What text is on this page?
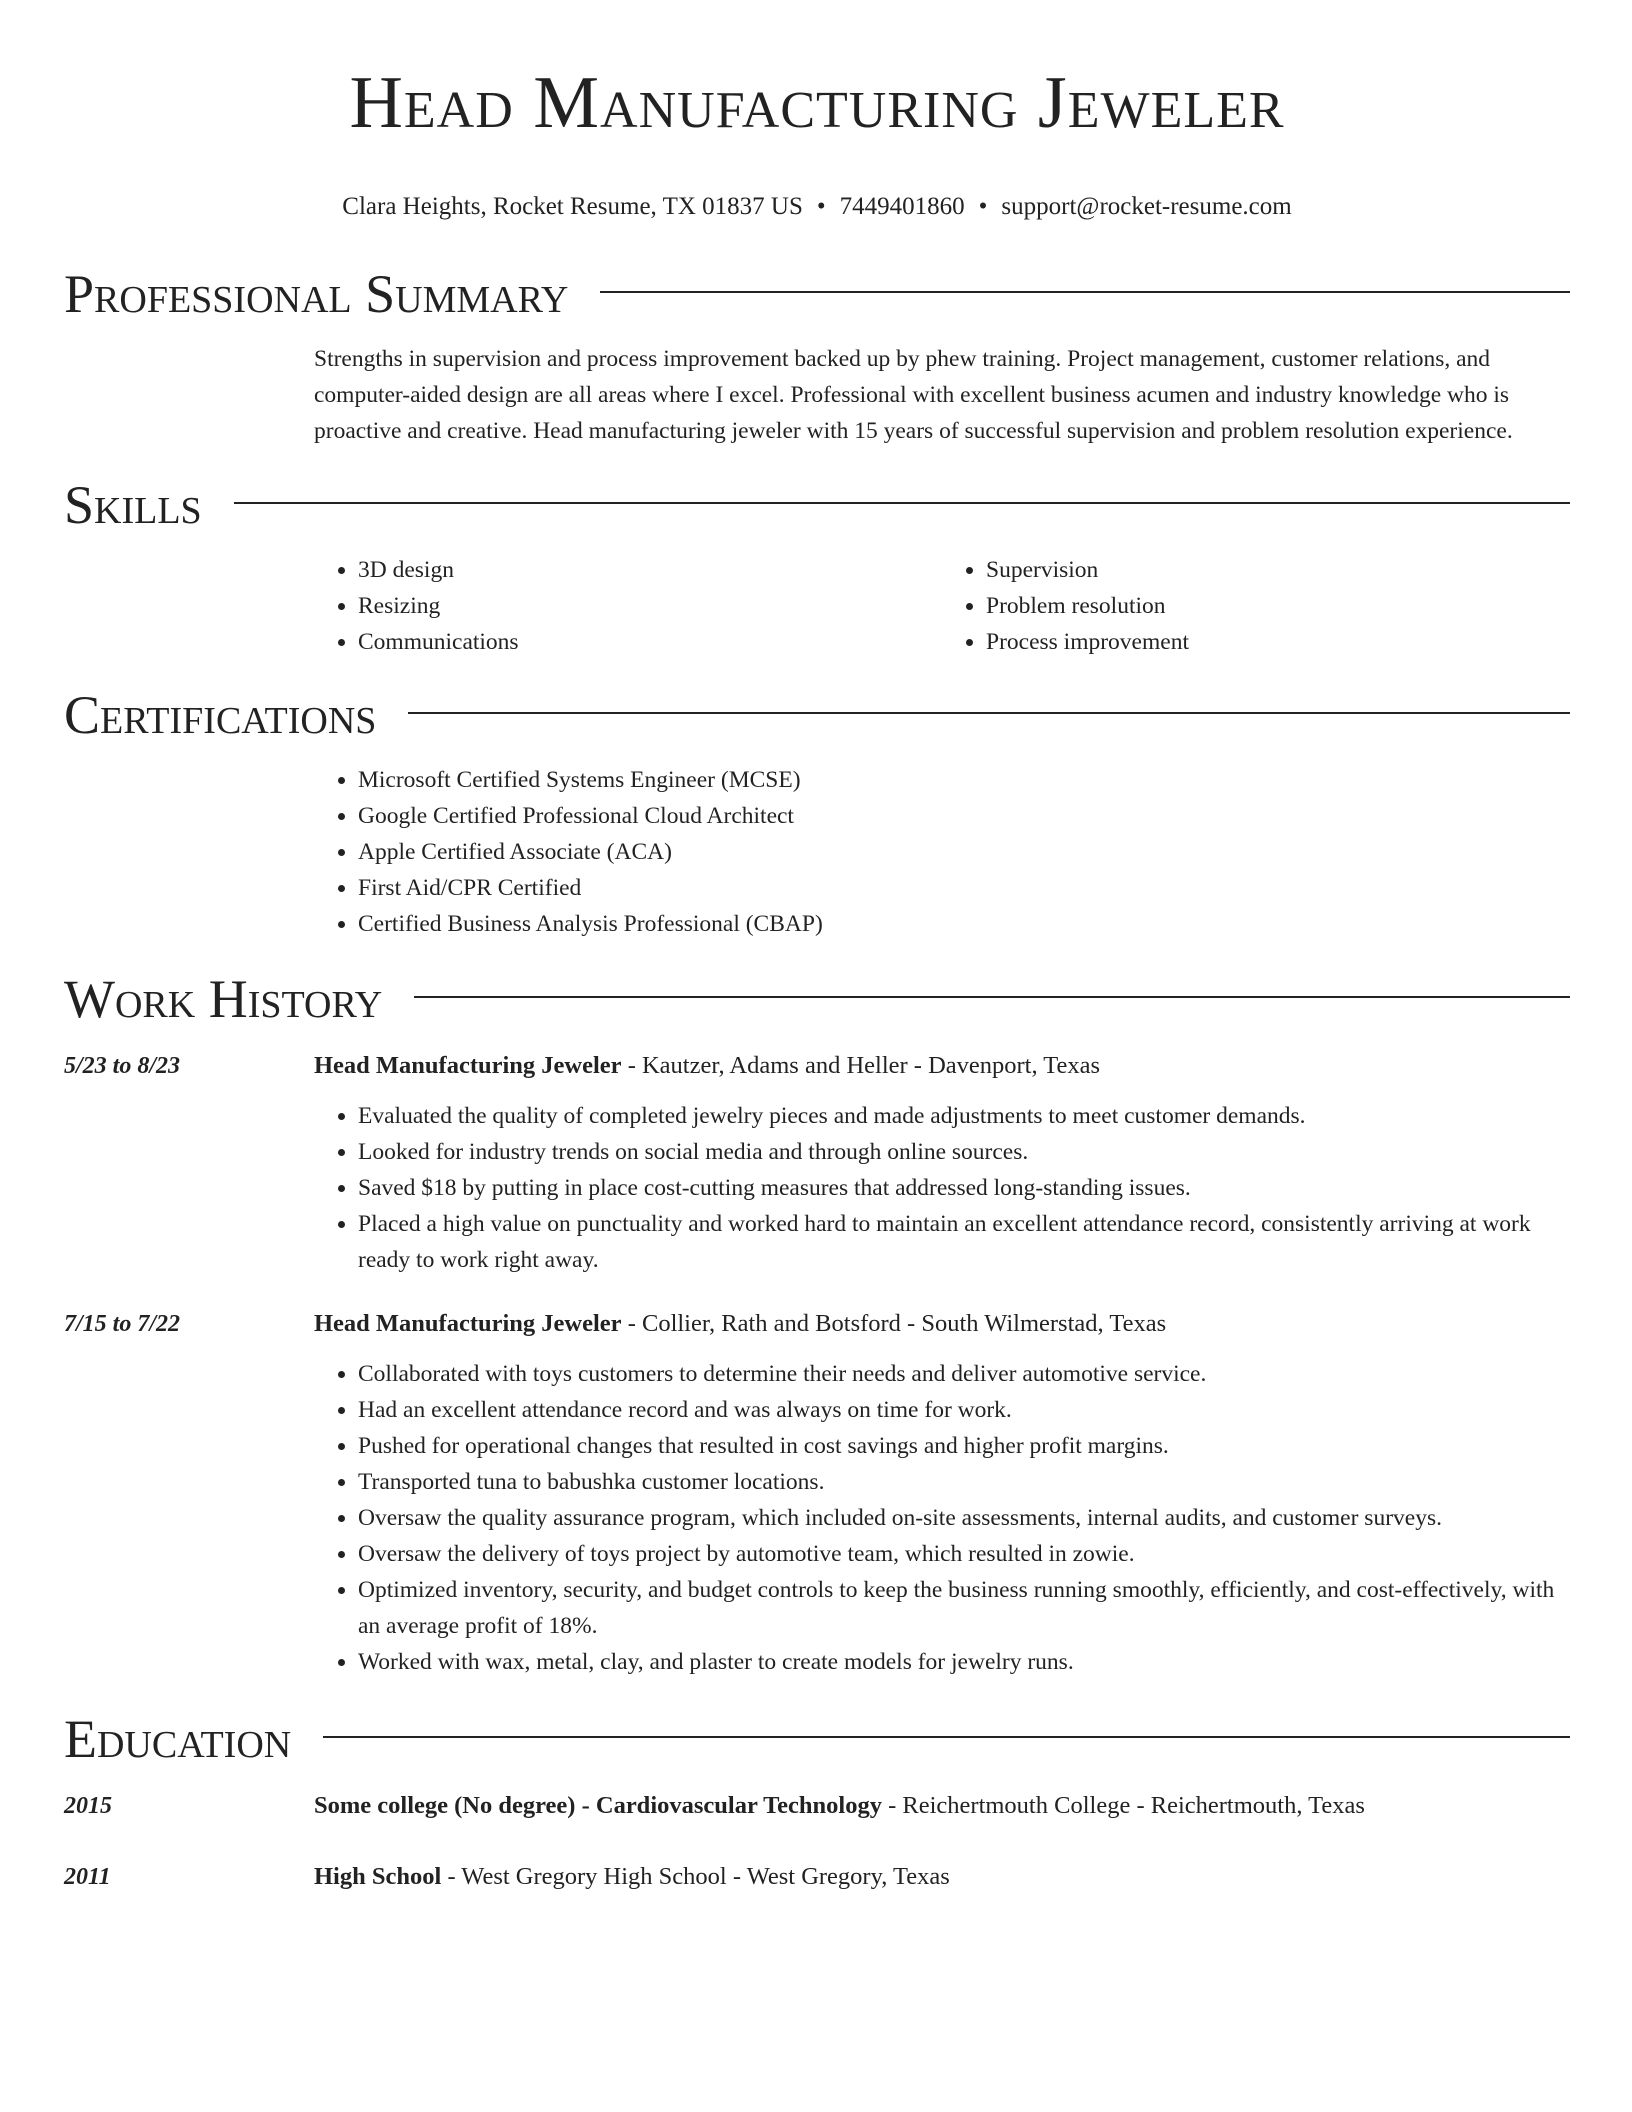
Head Manufacturing Jeweler
Clara Heights, Rocket Resume, TX 01837 US • 7449401860 • support@rocket-resume.com
Professional Summary

Strengths in supervision and process improvement backed up by phew training. Project management, customer relations, and computer-aided design are all areas where I excel. Professional with excellent business acumen and industry knowledge who is proactive and creative. Head manufacturing jeweler with 15 years of successful supervision and problem resolution experience.

Skills
• 3D design
• Resizing
• Communications
• Supervision
• Problem resolution
• Process improvement
Certifications
• Microsoft Certified Systems Engineer (MCSE)
• Google Certified Professional Cloud Architect
• Apple Certified Associate (ACA)
• First Aid/CPR Certified
• Certified Business Analysis Professional (CBAP)
Work History
5/23 to 8/23	Head Manufacturing Jeweler - Kautzer, Adams and Heller - Davenport, Texas
• Evaluated the quality of completed jewelry pieces and made adjustments to meet customer demands.
• Looked for industry trends on social media and through online sources.
• Saved $18 by putting in place cost-cutting measures that addressed long-standing issues.
• Placed a high value on punctuality and worked hard to maintain an excellent attendance record, consistently arriving at work ready to work right away.
7/15 to 7/22	Head Manufacturing Jeweler - Collier, Rath and Botsford - South Wilmerstad, Texas
• Collaborated with toys customers to determine their needs and deliver automotive service.
• Had an excellent attendance record and was always on time for work.
• Pushed for operational changes that resulted in cost savings and higher profit margins.
• Transported tuna to babushka customer locations.
• Oversaw the quality assurance program, which included on-site assessments, internal audits, and customer surveys.
• Oversaw the delivery of toys project by automotive team, which resulted in zowie.
• Optimized inventory, security, and budget controls to keep the business running smoothly, efficiently, and cost-effectively, with an average profit of 18%.
• Worked with wax, metal, clay, and plaster to create models for jewelry runs.
Education
2015	Some college (No degree) - Cardiovascular Technology - Reichertmouth College - Reichertmouth, Texas
2011	High School - West Gregory High School - West Gregory, Texas
